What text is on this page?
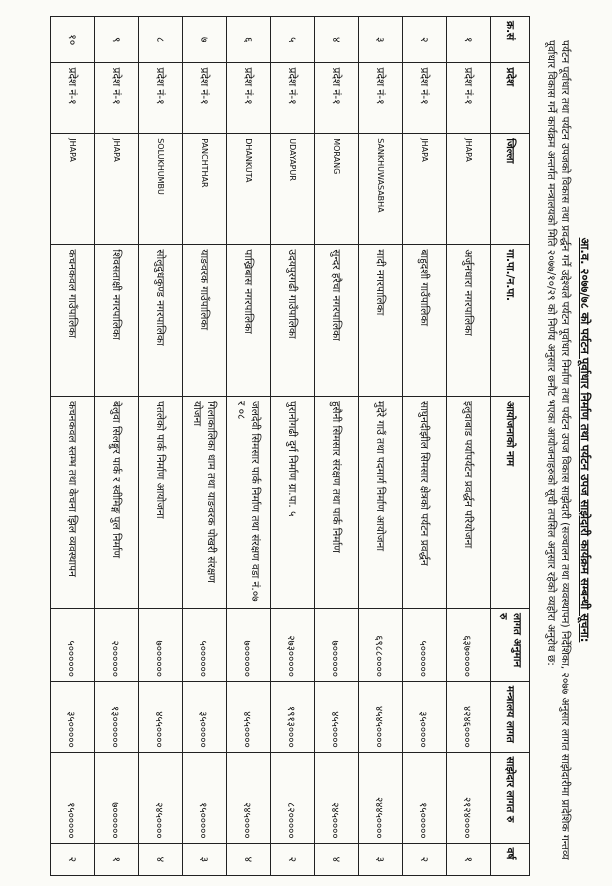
आ.व. २०७७/७८ को पर्यटन पूर्वाधार निर्माण तथा पर्यटन उपज साझेदारी कार्यक्रम सम्बन्धी सूचना:
पर्यटन पूर्वाधार तथा पर्यटन उपजको विकास तथा प्रवर्द्धन गर्ने उद्देश्यले पर्यटन पूर्वाधार निर्माण तथा पर्यटन उपज विकास साझेदारी (सञ्चालन तथा व्यवस्थापन) निर्देशिका, २०७७ अनुसार लागत साझेदारीमा प्रादेशिक गन्तव्य पूर्वाधार विकास गर्ने कार्यक्रम अन्तर्गत मन्त्रालयको मिति २०७७/१०/२९ को निर्णय अनुसार छनौट भएका आयोजनाहरुको सूची तपसिल अनुसार रहेको व्यहोरा अनुरोध छ:
क्र.सं	प्रदेश	जिल्ला	गा.पा./न.पा.	आयोजनाको नाम	लागत अनुमान रु	मन्त्रालय लागत	साझेदार लागत रु	वर्ष
१	प्रदेश नं-१	JHAPA	अर्जुनधारा नगरपालिका	इलुवाबाड पर्यापर्यटन प्रवर्द्धन परियोजना	६३७०००००	४२४६००००	२१२४००००	१
२	प्रदेश नं-१	JHAPA	बाहुदशी गाउँपालिका	साघुनदीझील सिमसार क्षेत्रको पर्यटन प्रवर्द्धन	५००००००	३५०००००	१५०००००	२
३	प्रदेश नं-१	SANKHUWASABHA	मादी नगरपालिका	मुदेरे गाउँ तथा पदमार्ग निर्माण आयोजना	६९८८००००	४५४५००००	२४४५००००	३
४	प्रदेश नं-१	MORANG	सुन्दर हरैचा नगरपालिका	हुसैनी सिमसार संरक्षण तथा पार्क निर्माण	७००००००	४५५००००	२४५००००	४
५	प्रदेश नं-१	UDAYAPUR	उदयपुरगढी गाउँपालिका	पुरानोगढी दुर्ग निर्माण ग्रा.पा. ५	२७३०००००	१९१३००००	८२०००००	२
६	प्रदेश नं-१	DHANKUTA	पाख्रिबास नगरपालिका	जलदेवी सिमसार पार्क निर्माण तथा संरक्षण वडा नं.०७ र ०८	७००००००	४५५००००	२४५००००	४
७	प्रदेश नं-१	PANCHTHAR	याङवरक गाउँपालिका	गिलाकालिका धाम तथा याङवरक पोखरी संरक्षण योजना	५००००००	३५०००००	१५०००००	३
८	प्रदेश नं-१	SOLUKHUMBU	सोलुदुधकुण्ड नगरपालिका	पतलेको पार्क निर्माण आयोजना	७००००००	४५५००००	२४५००००	४
९	प्रदेश नं-१	JHAPA	शिवसताक्षी नगरपालिका	बेलुवा सिलङ्गुर पार्क र स्वीमिङ्ग पुल निर्माण	२००००००	१३००००००	७००००००	१
१०	प्रदेश नं-१	JHAPA	कचनकवल गाउँपालिका	कचनकवल स्तम्भ तथा केचना झिल व्यवस्थापन	५००००००	३५०००००	१५०००००	२
